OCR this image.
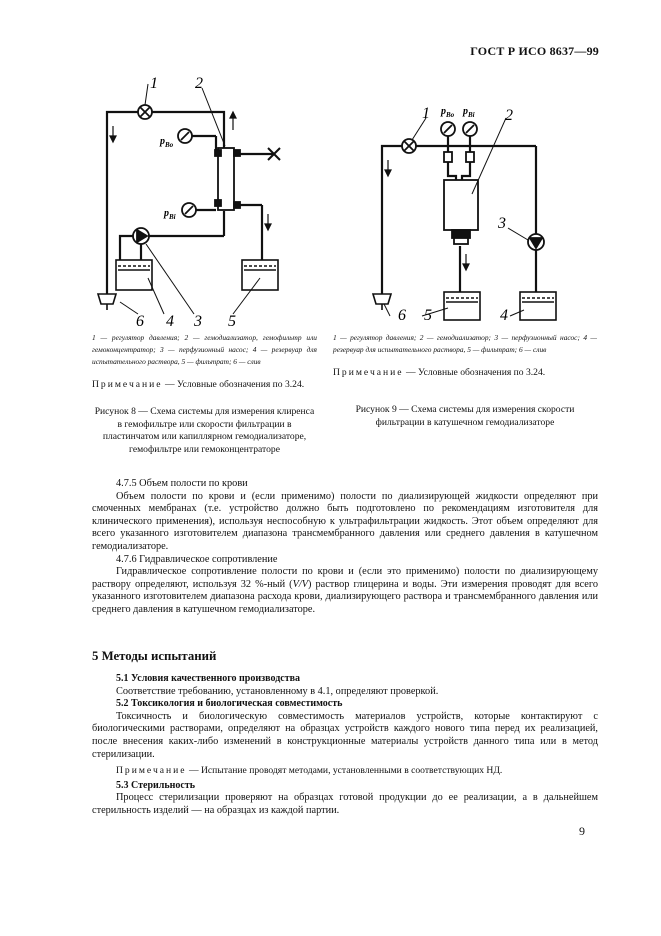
ГОСТ Р ИСО 8637—99
1 2
3
4	5
6
$р_{Во}$
$р_{Вi}$
1	2
3
4
5
6
$р_{Во}$ $р_{Вi}$
1 — регулятор давления; 2 — гемодиализатор, гемофильтр или гемоконцентратор; 3 — перфузионный насос; 4 — резервуар для испытательного раствора, 5 — фильтрат; 6 — слив
Примечание — Условные обозначения по 3.24.
Рисунок 8 — Схема системы для измерения клиренса в гемофильтре или скорости фильтрации в пластинчатом или капиллярном гемодиализаторе, гемофильтре или гемоконцентраторе
1 — регулятор давления; 2 — гемодиализатор; 3 — перфузионный насос; 4 — резервуар для испытательного раствора, 5 — фильтрат; 6 — слив
Примечание — Условные обозначения по 3.24.
Рисунок 9 — Схема системы для измерения скорости фильтрации в катушечном гемодиализаторе

4.7.5 Объем полости по крови

Объем полости по крови и (если применимо) полости по диализирующей жидкости определяют при смоченных мембранах (т.е. устройство должно быть подготовлено по рекомендациям изготовителя для клинического применения), используя неспособную к ультрафильтрации жидкость. Этот объем определяют для всего указанного изготовителем диапазона трансмембранного давления или среднего давления в катушечном гемодиализаторе.

4.7.6 Гидравлическое сопротивление

Гидравлическое сопротивление полости по крови и (если это применимо) полости по диализирующему раствору определяют, используя 32 %-ный (V/V) раствор глицерина и воды. Эти измерения проводят для всего указанного изготовителем диапазона расхода крови, диализирующего раствора и трансмембранного давления или среднего давления в катушечном гемодиализаторе.

5 Методы испытаний

5.1 Условия качественного производства

Соответствие требованию, установленному в 4.1, определяют проверкой.

5.2 Токсикология и биологическая совместимость

Токсичность и биологическую совместимость материалов устройств, которые контактируют с биологическими растворами, определяют на образцах устройств каждого нового типа перед их реализацией, после внесения каких-либо изменений в конструкционные материалы устройств данного типа или в метод стерилизации.

Примечание — Испытание проводят методами, установленными в соответствующих НД.

5.3 Стерильность

Процесс стерилизации проверяют на образцах готовой продукции до ее реализации, а в дальнейшем стерильность изделий — на образцах из каждой партии.

9
